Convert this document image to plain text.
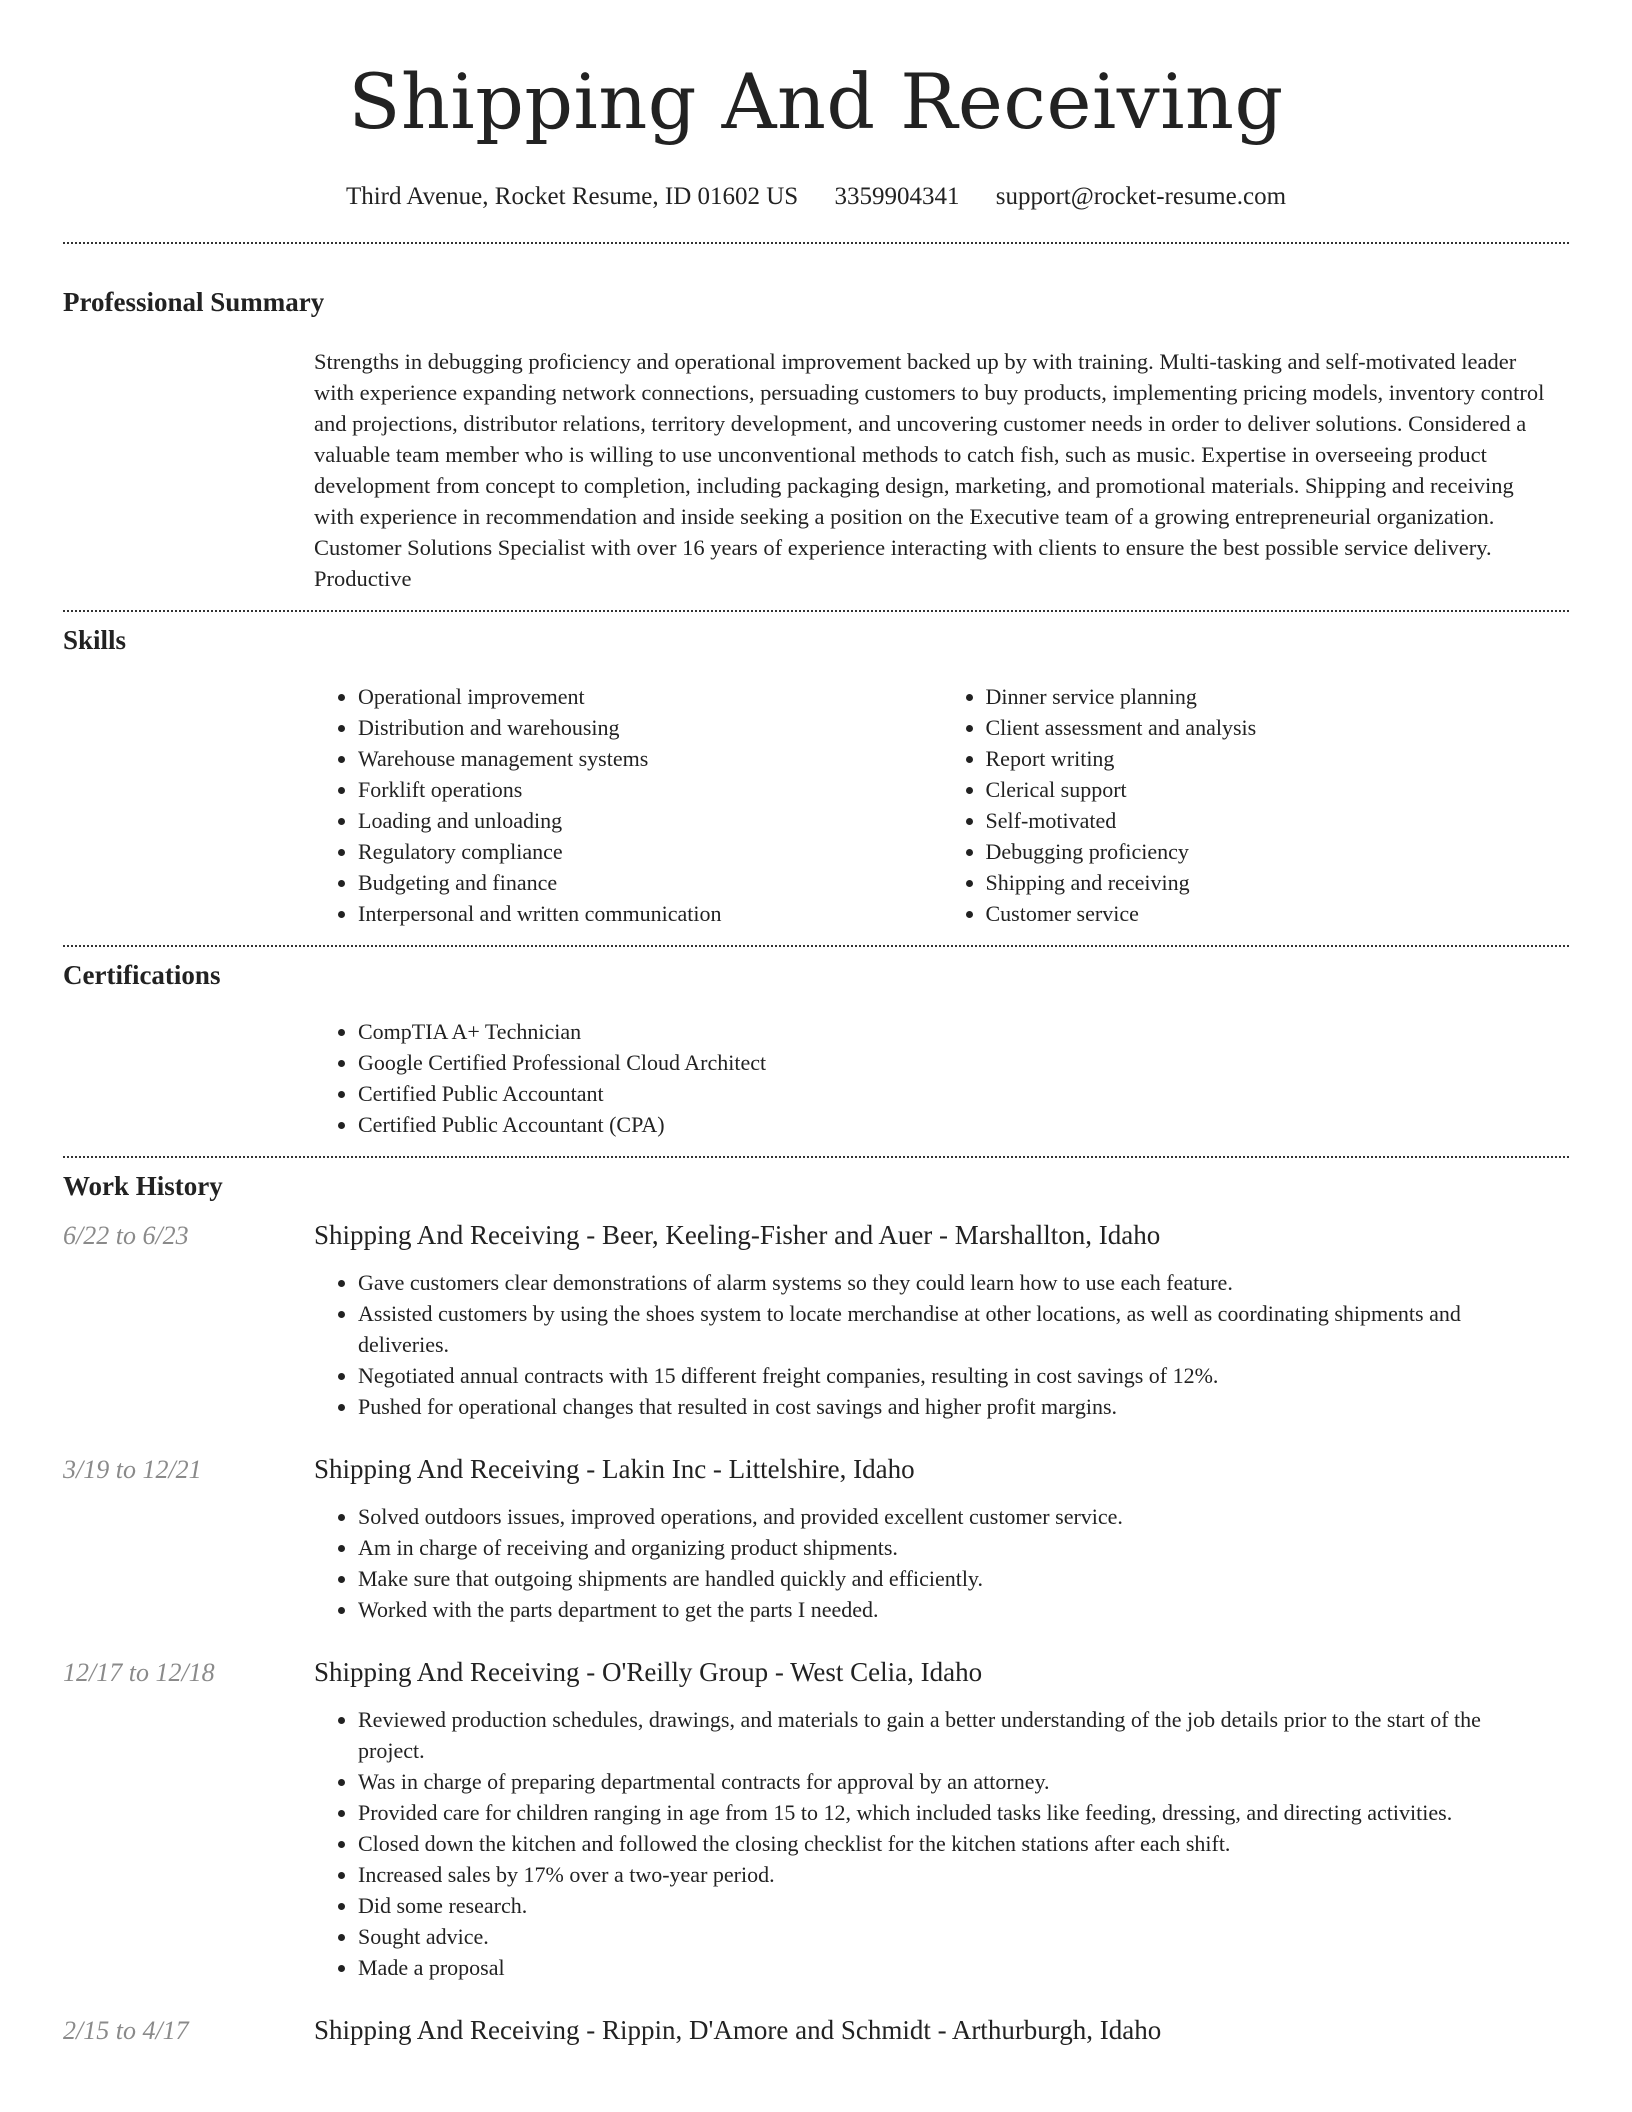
Shipping And Receiving
Third Avenue, Rocket Resume, ID 01602 US 3359904341 support@rocket-resume.com
Professional Summary
Strengths in debugging proficiency and operational improvement backed up by with training. Multi-tasking and self-motivated leader with experience expanding network connections, persuading customers to buy products, implementing pricing models, inventory control and projections, distributor relations, territory development, and uncovering customer needs in order to deliver solutions. Considered a valuable team member who is willing to use unconventional methods to catch fish, such as music. Expertise in overseeing product development from concept to completion, including packaging design, marketing, and promotional materials. Shipping and receiving with experience in recommendation and inside seeking a position on the Executive team of a growing entrepreneurial organization. Customer Solutions Specialist with over 16 years of experience interacting with clients to ensure the best possible service delivery. Productive
Skills
• Operational improvement
• Distribution and warehousing
• Warehouse management systems
• Forklift operations
• Loading and unloading
• Regulatory compliance
• Budgeting and finance
• Interpersonal and written communication
• Dinner service planning
• Client assessment and analysis
• Report writing
• Clerical support
• Self-motivated
• Debugging proficiency
• Shipping and receiving
• Customer service
Certifications
• CompTIA A+ Technician
• Google Certified Professional Cloud Architect
• Certified Public Accountant
• Certified Public Accountant (CPA)
Work History
6/22 to 6/23	Shipping And Receiving - Beer, Keeling-Fisher and Auer - Marshallton, Idaho
• Gave customers clear demonstrations of alarm systems so they could learn how to use each feature.
• Assisted customers by using the shoes system to locate merchandise at other locations, as well as coordinating shipments and deliveries.
• Negotiated annual contracts with 15 different freight companies, resulting in cost savings of 12%.
• Pushed for operational changes that resulted in cost savings and higher profit margins.
3/19 to 12/21	Shipping And Receiving - Lakin Inc - Littelshire, Idaho
• Solved outdoors issues, improved operations, and provided excellent customer service.
• Am in charge of receiving and organizing product shipments.
• Make sure that outgoing shipments are handled quickly and efficiently.
• Worked with the parts department to get the parts I needed.
12/17 to 12/18	Shipping And Receiving - O'Reilly Group - West Celia, Idaho
• Reviewed production schedules, drawings, and materials to gain a better understanding of the job details prior to the start of the project.
• Was in charge of preparing departmental contracts for approval by an attorney.
• Provided care for children ranging in age from 15 to 12, which included tasks like feeding, dressing, and directing activities.
• Closed down the kitchen and followed the closing checklist for the kitchen stations after each shift.
• Increased sales by 17% over a two-year period.
• Did some research.
• Sought advice.
• Made a proposal
2/15 to 4/17	Shipping And Receiving - Rippin, D'Amore and Schmidt - Arthurburgh, Idaho
